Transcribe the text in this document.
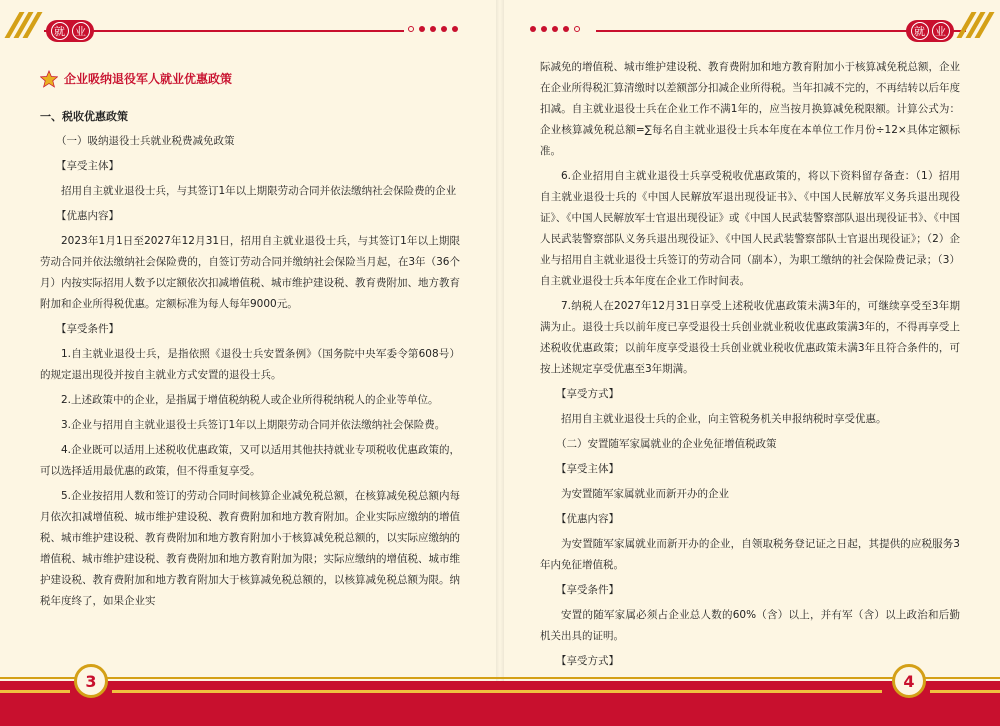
就 业
企业吸纳退役军人就业优惠政策

一、税收优惠政策

（一）吸纳退役士兵就业税费减免政策

【享受主体】

招用自主就业退役士兵，与其签订1年以上期限劳动合同并依法缴纳社会保险费的企业

【优惠内容】

2023年1月1日至2027年12月31日，招用自主就业退役士兵，与其签订1年以上期限劳动合同并依法缴纳社会保险费的，自签订劳动合同并缴纳社会保险当月起，在3年（36个月）内按实际招用人数予以定额依次扣减增值税、城市维护建设税、教育费附加、地方教育附加和企业所得税优惠。定额标准为每人每年9000元。

【享受条件】

1.自主就业退役士兵，是指依照《退役士兵安置条例》（国务院中央军委令第608号）的规定退出现役并按自主就业方式安置的退役士兵。

2.上述政策中的企业，是指属于增值税纳税人或企业所得税纳税人的企业等单位。

3.企业与招用自主就业退役士兵签订1年以上期限劳动合同并依法缴纳社会保险费。

4.企业既可以适用上述税收优惠政策，又可以适用其他扶持就业专项税收优惠政策的，可以选择适用最优惠的政策，但不得重复享受。

5.企业按招用人数和签订的劳动合同时间核算企业减免税总额，在核算减免税总额内每月依次扣减增值税、城市维护建设税、教育费附加和地方教育附加。企业实际应缴纳的增值税、城市维护建设税、教育费附加和地方教育附加小于核算减免税总额的，以实际应缴纳的增值税、城市维护建设税、教育费附加和地方教育附加为限；实际应缴纳的增值税、城市维护建设税、教育费附加和地方教育附加大于核算减免税总额的，以核算减免税总额为限。纳税年度终了，如果企业实

就 业

际减免的增值税、城市维护建设税、教育费附加和地方教育附加小于核算减免税总额，企业在企业所得税汇算清缴时以差额部分扣减企业所得税。当年扣减不完的，不再结转以后年度扣减。自主就业退役士兵在企业工作不满1年的，应当按月换算减免税限额。计算公式为：企业核算减免税总额=∑每名自主就业退役士兵本年度在本单位工作月份÷12×具体定额标准。

6.企业招用自主就业退役士兵享受税收优惠政策的，将以下资料留存备查：（1）招用自主就业退役士兵的《中国人民解放军退出现役证书》、《中国人民解放军义务兵退出现役证》、《中国人民解放军士官退出现役证》或《中国人民武装警察部队退出现役证书》、《中国人民武装警察部队义务兵退出现役证》、《中国人民武装警察部队士官退出现役证》；（2）企业与招用自主就业退役士兵签订的劳动合同（副本），为职工缴纳的社会保险费记录；（3）自主就业退役士兵本年度在企业工作时间表。

7.纳税人在2027年12月31日享受上述税收优惠政策未满3年的，可继续享受至3年期满为止。退役士兵以前年度已享受退役士兵创业就业税收优惠政策满3年的，不得再享受上述税收优惠政策；以前年度享受退役士兵创业就业税收优惠政策未满3年且符合条件的，可按上述规定享受优惠至3年期满。

【享受方式】

招用自主就业退役士兵的企业，向主管税务机关申报纳税时享受优惠。

（二）安置随军家属就业的企业免征增值税政策

【享受主体】

为安置随军家属就业而新开办的企业

【优惠内容】

为安置随军家属就业而新开办的企业，自领取税务登记证之日起，其提供的应税服务3年内免征增值税。

【享受条件】

安置的随军家属必须占企业总人数的60%（含）以上，并有军（含）以上政治和后勤机关出具的证明。

【享受方式】

3	4
